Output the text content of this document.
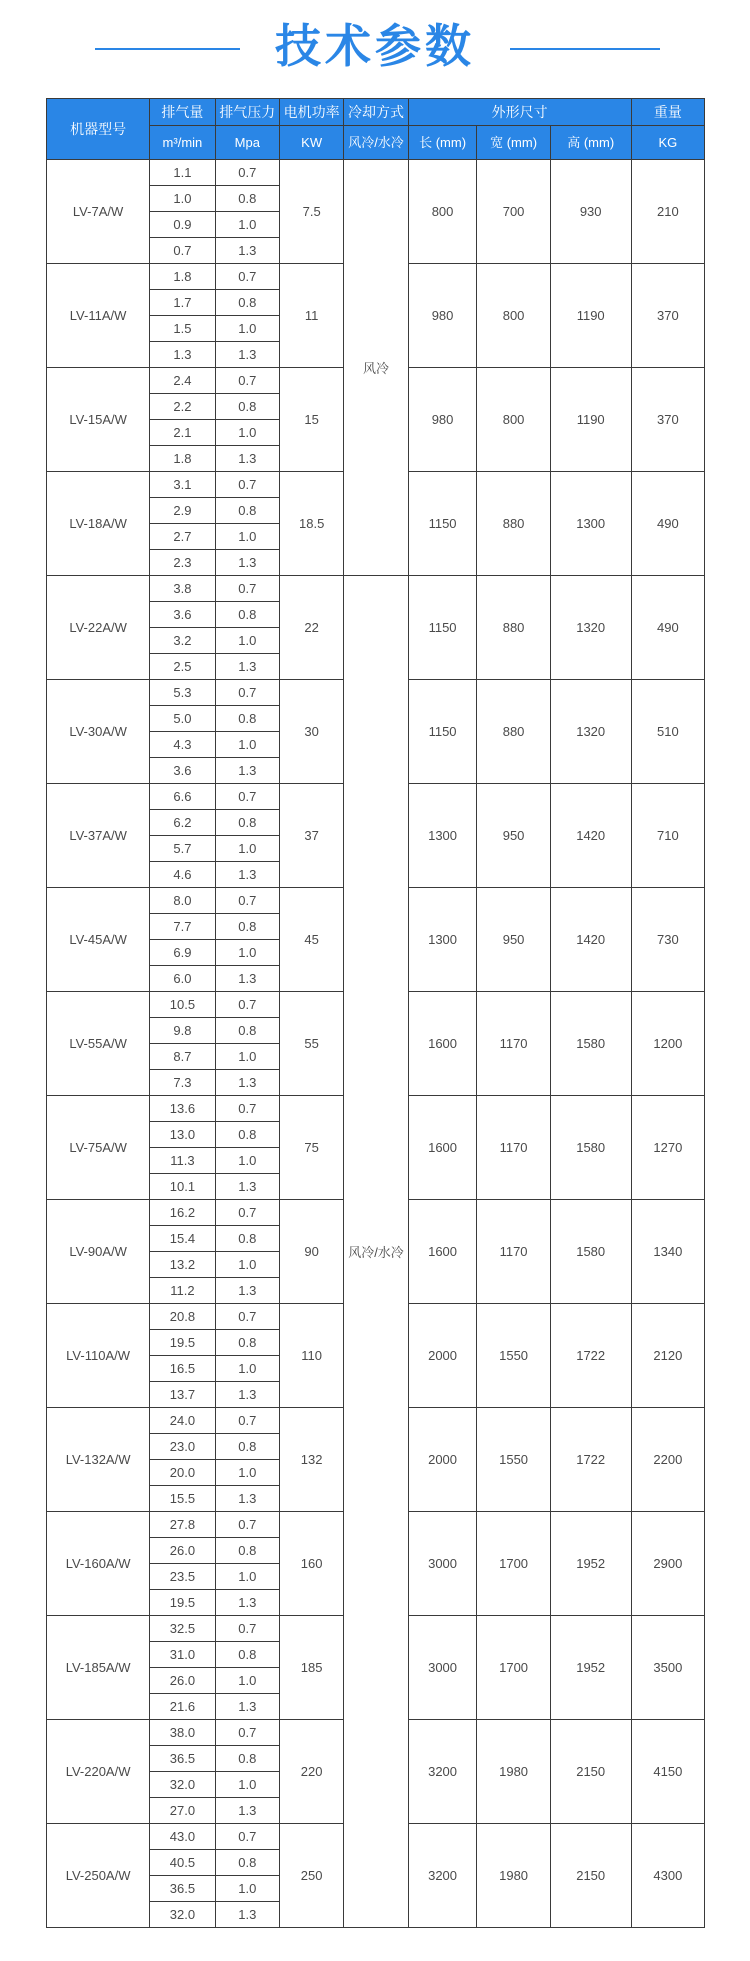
技术参数
机器型号	排气量	排气压力	电机功率	冷却方式	外形尺寸			重量
	m³/min	Mpa	KW	风冷/水冷	长 (mm)	宽 (mm)	高 (mm)	KG
LV-7A/W	1.1	0.7	7.5	风冷	800	700	930	210
	1.0	0.8						
	0.9	1.0						
	0.7	1.3						
LV-11A/W	1.8	0.7	11		980	800	1190	370
	1.7	0.8						
	1.5	1.0						
	1.3	1.3						
LV-15A/W	2.4	0.7	15		980	800	1190	370
	2.2	0.8						
	2.1	1.0						
	1.8	1.3						
LV-18A/W	3.1	0.7	18.5		1150	880	1300	490
	2.9	0.8						
	2.7	1.0						
	2.3	1.3						
LV-22A/W	3.8	0.7	22	风冷/水冷	1150	880	1320	490
	3.6	0.8						
	3.2	1.0						
	2.5	1.3						
LV-30A/W	5.3	0.7	30		1150	880	1320	510
	5.0	0.8						
	4.3	1.0						
	3.6	1.3						
LV-37A/W	6.6	0.7	37		1300	950	1420	710
	6.2	0.8						
	5.7	1.0						
	4.6	1.3						
LV-45A/W	8.0	0.7	45		1300	950	1420	730
	7.7	0.8						
	6.9	1.0						
	6.0	1.3						
LV-55A/W	10.5	0.7	55		1600	1170	1580	1200
	9.8	0.8						
	8.7	1.0						
	7.3	1.3						
LV-75A/W	13.6	0.7	75		1600	1170	1580	1270
	13.0	0.8						
	11.3	1.0						
	10.1	1.3						
LV-90A/W	16.2	0.7	90		1600	1170	1580	1340
	15.4	0.8						
	13.2	1.0						
	11.2	1.3						
LV-110A/W	20.8	0.7	110		2000	1550	1722	2120
	19.5	0.8						
	16.5	1.0						
	13.7	1.3						
LV-132A/W	24.0	0.7	132		2000	1550	1722	2200
	23.0	0.8						
	20.0	1.0						
	15.5	1.3						
LV-160A/W	27.8	0.7	160		3000	1700	1952	2900
	26.0	0.8						
	23.5	1.0						
	19.5	1.3						
LV-185A/W	32.5	0.7	185		3000	1700	1952	3500
	31.0	0.8						
	26.0	1.0						
	21.6	1.3						
LV-220A/W	38.0	0.7	220		3200	1980	2150	4150
	36.5	0.8						
	32.0	1.0						
	27.0	1.3						
LV-250A/W	43.0	0.7	250		3200	1980	2150	4300
	40.5	0.8						
	36.5	1.0						
	32.0	1.3						
